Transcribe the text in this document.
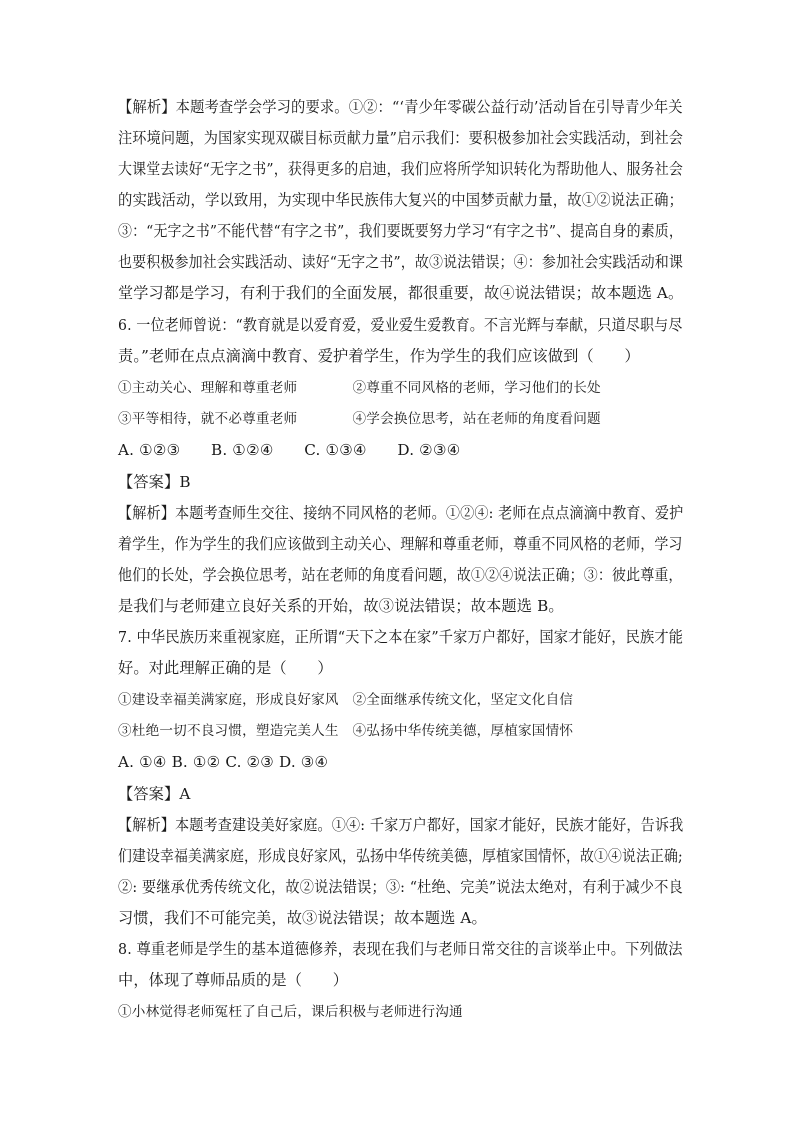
【解析】本题考查学会学习的要求。①②：“‘青少年零碳公益行动’活动旨在引导青少年关
注环境问题，为国家实现双碳目标贡献力量”启示我们：要积极参加社会实践活动，到社会
大课堂去读好“无字之书”，获得更多的启迪，我们应将所学知识转化为帮助他人、服务社会
的实践活动，学以致用，为实现中华民族伟大复兴的中国梦贡献力量，故①②说法正确；
③：“无字之书”不能代替“有字之书”，我们要既要努力学习“有字之书”、提高自身的素质，
也要积极参加社会实践活动、读好“无字之书”，故③说法错误；④：参加社会实践活动和课
堂学习都是学习，有利于我们的全面发展，都很重要，故④说法错误；故本题选 A。
6. 一位老师曾说：“教育就是以爱育爱，爱业爱生爱教育。不言光辉与奉献，只道尽职与尽
责。”老师在点点滴滴中教育、爱护着学生，作为学生的我们应该做到（　　）
①主动关心、理解和尊重老师　　　　②尊重不同风格的老师，学习他们的长处
③平等相待，就不必尊重老师　　　　④学会换位思考，站在老师的角度看问题
A. ①②③　　B. ①②④　　C. ①③④　　D. ②③④
【答案】B
【解析】本题考查师生交往、接纳不同风格的老师。①②④: 老师在点点滴滴中教育、爱护
着学生，作为学生的我们应该做到主动关心、理解和尊重老师，尊重不同风格的老师，学习
他们的长处，学会换位思考，站在老师的角度看问题，故①②④说法正确；③：彼此尊重，
是我们与老师建立良好关系的开始，故③说法错误；故本题选 B。
7. 中华民族历来重视家庭，正所谓“天下之本在家”千家万户都好，国家才能好，民族才能
好。对此理解正确的是（　　）
①建设幸福美满家庭，形成良好家风　②全面继承传统文化，坚定文化自信
③杜绝一切不良习惯，塑造完美人生　④弘扬中华传统美德，厚植家国情怀
A. ①④ B. ①② C. ②③ D. ③④
【答案】A
【解析】本题考查建设美好家庭。①④: 千家万户都好，国家才能好，民族才能好，告诉我
们建设幸福美满家庭，形成良好家风，弘扬中华传统美德，厚植家国情怀，故①④说法正确;
②: 要继承优秀传统文化，故②说法错误；③: “杜绝、完美”说法太绝对，有利于减少不良
习惯，我们不可能完美，故③说法错误；故本题选 A。
8. 尊重老师是学生的基本道德修养，表现在我们与老师日常交往的言谈举止中。下列做法
中，体现了尊师品质的是（　　）
①小林觉得老师冤枉了自己后，课后积极与老师进行沟通
